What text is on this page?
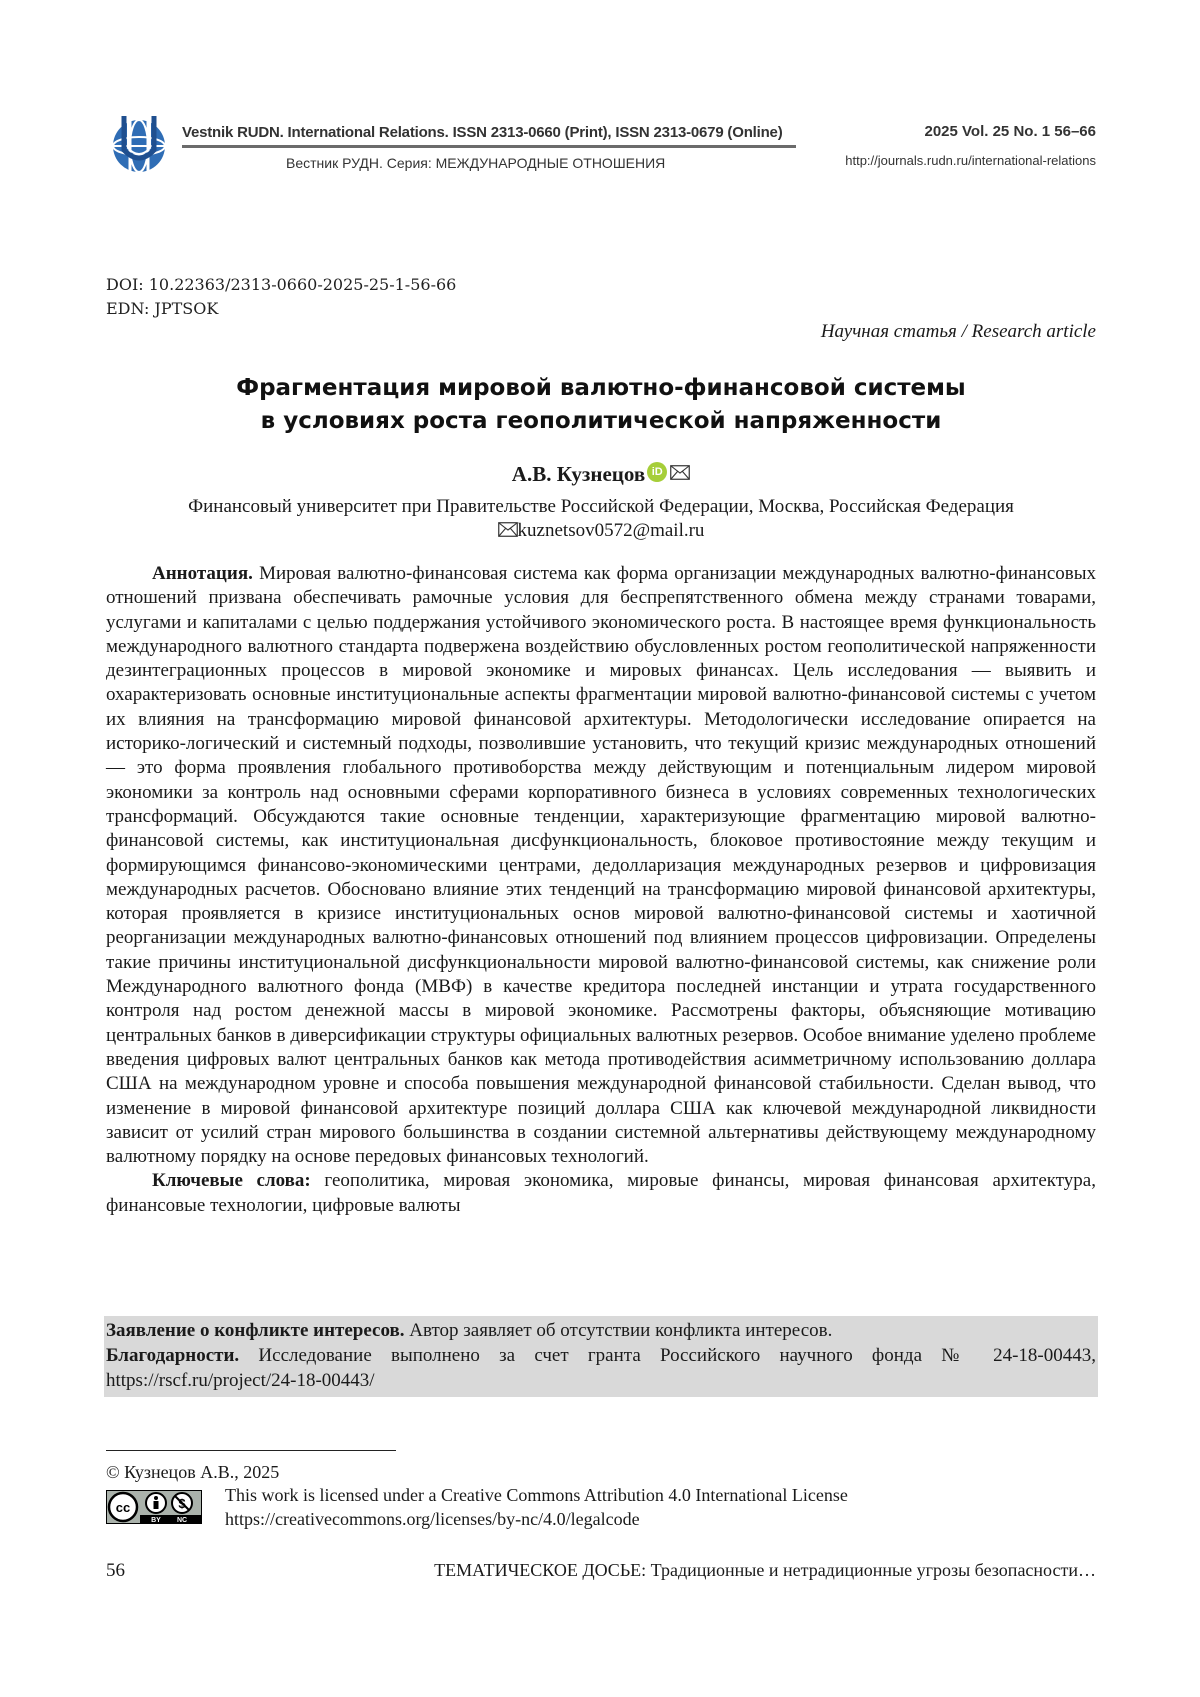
Vestnik RUDN. International Relations. ISSN 2313-0660 (Print), ISSN 2313-0679 (Online)
Вестник РУДН. Серия: МЕЖДУНАРОДНЫЕ ОТНОШЕНИЯ
2025 Vol. 25 No. 1 56–66
http://journals.rudn.ru/international-relations
DOI: 10.22363/2313-0660-2025-25-1-56-66
EDN: JPTSOK
Научная статья / Research article
Фрагментация мировой валютно-финансовой системы
в условиях роста геополитической напряженности
А.В. Кузнецов iD
Финансовый университет при Правительстве Российской Федерации, Москва, Российская Федерация
kuznetsov0572@mail.ru

Аннотация. Мировая валютно-финансовая система как форма организации международных валютно-финансовых отношений призвана обеспечивать рамочные условия для беспрепятственного обмена между странами товарами, услугами и капиталами с целью поддержания устойчивого экономического роста. В настоящее время функциональность международного валютного стандарта подвержена воздействию обусловленных ростом геополитической напряженности дезинтеграционных процессов в мировой экономике и мировых финансах. Цель исследования — выявить и охарактеризовать основные институциональные аспекты фрагментации мировой валютно-финансовой системы с учетом их влияния на трансформацию мировой финансовой архитектуры. Методологически исследование опирается на историко-логический и системный подходы, позволившие установить, что текущий кризис международных отношений — это форма проявления глобального противоборства между действующим и потенциальным лидером мировой экономики за контроль над основными сферами корпоративного бизнеса в условиях современных технологических трансформаций. Обсуждаются такие основные тенденции, характеризующие фрагментацию мировой валютно-финансовой системы, как институциональная дисфункциональность, блоковое противостояние между текущим и формирующимся финансово-экономическими центрами, дедолларизация международных резервов и цифровизация международных расчетов. Обосновано влияние этих тенденций на трансформацию мировой финансовой архитектуры, которая проявляется в кризисе институциональных основ мировой валютно-финансовой системы и хаотичной реорганизации международных валютно-финансовых отношений под влиянием процессов цифровизации. Определены такие причины институциональной дисфункциональности мировой валютно-финансовой системы, как снижение роли Международного валютного фонда (МВФ) в качестве кредитора последней инстанции и утрата государственного контроля над ростом денежной массы в мировой экономике. Рассмотрены факторы, объясняющие мотивацию центральных банков в диверсификации структуры официальных валютных резервов. Особое внимание уделено проблеме введения цифровых валют центральных банков как метода противодействия асимметричному использованию доллара США на международном уровне и способа повышения международной финансовой стабильности. Сделан вывод, что изменение в мировой финансовой архитектуре позиций доллара США как ключевой международной ликвидности зависит от усилий стран мирового большинства в создании системной альтернативы действующему международному валютному порядку на основе передовых финансовых технологий.

Ключевые слова: геополитика, мировая экономика, мировые финансы, мировая финансовая архитектура, финансовые технологии, цифровые валюты

Заявление о конфликте интересов. Автор заявляет об отсутствии конфликта интересов.

Благодарности. Исследование выполнено за счет гранта Российского научного фонда № 24-18-00443, https://rscf.ru/project/24-18-00443/

© Кузнецов А.В., 2025
cc
BY NC
This work is licensed under a Creative Commons Attribution 4.0 International License
https://creativecommons.org/licenses/by-nc/4.0/legalcode
56	ТЕМАТИЧЕСКОЕ ДОСЬЕ: Традиционные и нетрадиционные угрозы безопасности…
